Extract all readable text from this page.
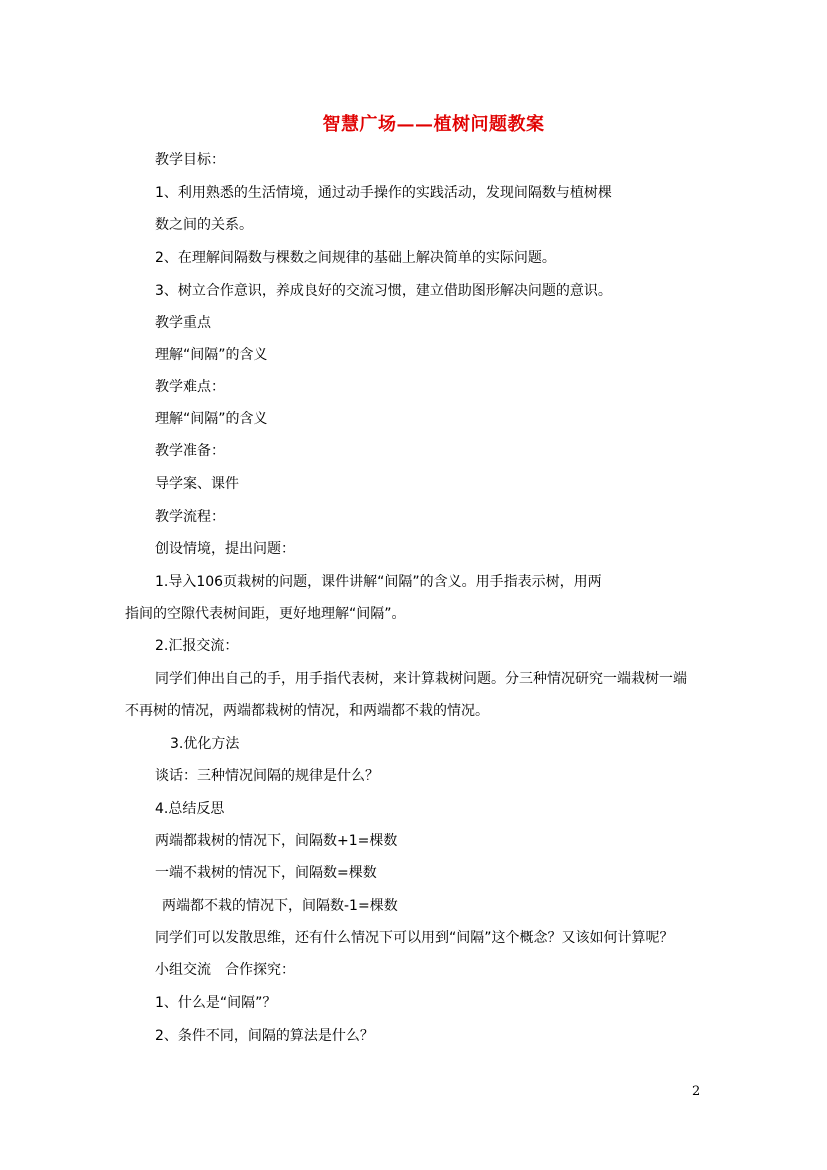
智慧广场——植树问题教案
教学目标：
1、利用熟悉的生活情境，通过动手操作的实践活动，发现间隔数与植树棵
数之间的关系。
2、在理解间隔数与棵数之间规律的基础上解决简单的实际问题。
3、树立合作意识，养成良好的交流习惯，建立借助图形解决问题的意识。
教学重点
理解“间隔”的含义
教学难点：
理解“间隔”的含义
教学准备：
导学案、课件
教学流程：
创设情境，提出问题：
1.导入106页栽树的问题，课件讲解“间隔”的含义。用手指表示树，用两
指间的空隙代表树间距，更好地理解“间隔”。
2.汇报交流：
同学们伸出自己的手，用手指代表树，来计算栽树问题。分三种情况研究一端栽树一端
不再树的情况，两端都栽树的情况，和两端都不栽的情况。
3.优化方法
谈话：三种情况间隔的规律是什么？
4.总结反思
两端都栽树的情况下，间隔数+1=棵数
一端不栽树的情况下，间隔数=棵数
两端都不栽的情况下，间隔数-1=棵数
同学们可以发散思维，还有什么情况下可以用到“间隔”这个概念？又该如何计算呢？
小组交流　合作探究：
1、什么是“间隔”？
2、条件不同，间隔的算法是什么？
2
